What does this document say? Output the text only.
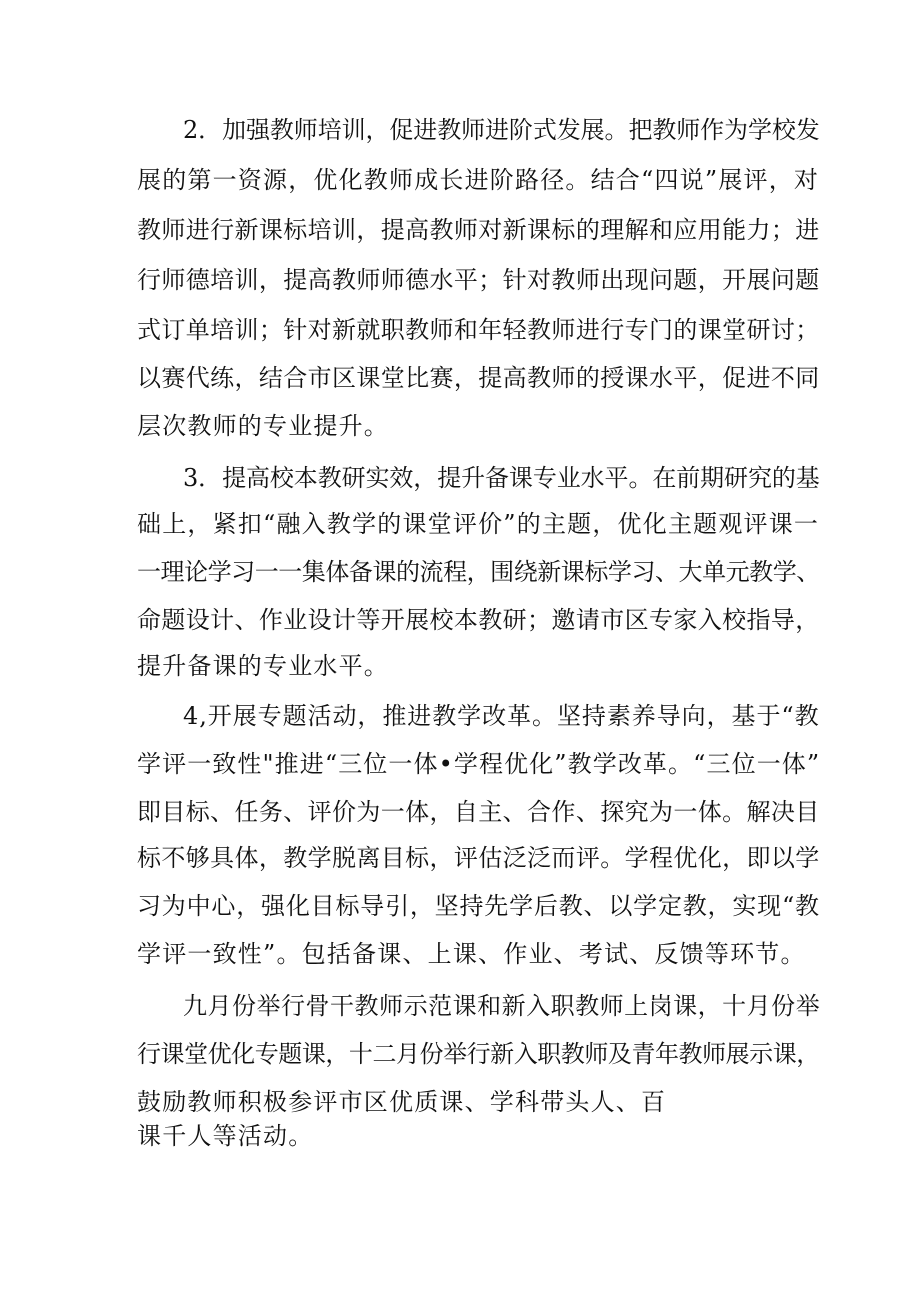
2．加强教师培训，促进教师进阶式发展。把教师作为学校发
展的第一资源，优化教师成长进阶路径。结合“四说”展评，对
教师进行新课标培训，提高教师对新课标的理解和应用能力；进
行师德培训，提高教师师德水平；针对教师出现问题，开展问题
式订单培训；针对新就职教师和年轻教师进行专门的课堂研讨；
以赛代练，结合市区课堂比赛，提高教师的授课水平，促进不同
层次教师的专业提升。
3．提高校本教研实效，提升备课专业水平。在前期研究的基
础上，紧扣“融入教学的课堂评价”的主题，优化主题观评课一
一理论学习一一集体备课的流程，围绕新课标学习、大单元教学、
命题设计、作业设计等开展校本教研；邀请市区专家入校指导，
提升备课的专业水平。
4,开展专题活动，推进教学改革。坚持素养导向，基于“教
学评一致性"推进“三位一体•学程优化”教学改革。“三位一体”
即目标、任务、评价为一体，自主、合作、探究为一体。解决目
标不够具体，教学脱离目标，评估泛泛而评。学程优化，即以学
习为中心，强化目标导引，坚持先学后教、以学定教，实现“教
学评一致性”。包括备课、上课、作业、考试、反馈等环节。
九月份举行骨干教师示范课和新入职教师上岗课，十月份举
行课堂优化专题课，十二月份举行新入职教师及青年教师展示课，
鼓励教师积极参评市区优质课、学科带头人、百
课千人等活动。
